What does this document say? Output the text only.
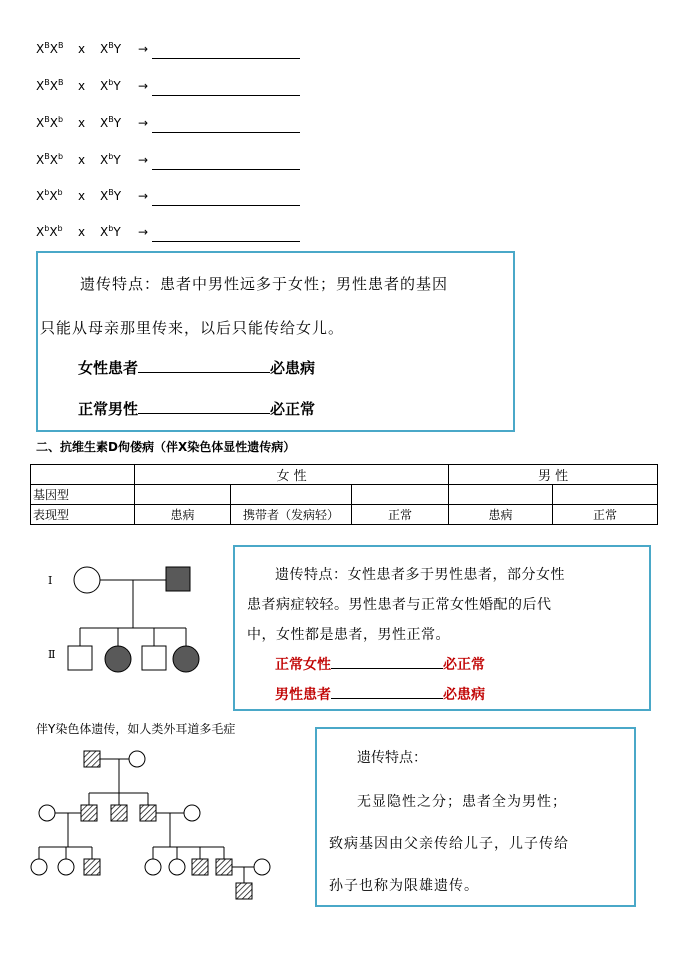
$X^BX^B$ x $X^BY$ →
$X^BX^B$ x $X^bY$ →
$X^BX^b$ x $X^BY$ →
$X^BX^b$ x $X^bY$ →
$X^bX^b$ x $X^BY$ →
$X^bX^b$ x $X^bY$ →
遗传特点：患者中男性远多于女性；男性患者的基因
只能从母亲那里传来，以后只能传给女儿。
女性患者	必患病
正常男性	必正常
二、抗维生素D佝偻病（伴X染色体显性遗传病）
	女 性			男 性	
基因型					
表现型	患病	携带者（发病轻）	正常	患病	正常
Ⅰ
Ⅱ
遗传特点：女性患者多于男性患者，部分女性
患者病症较轻。男性患者与正常女性婚配的后代
中，女性都是患者，男性正常。
正常女性	必正常
男性患者	必患病
伴Y染色体遗传，如人类外耳道多毛症
遗传特点：
无显隐性之分；患者全为男性；
致病基因由父亲传给儿子，儿子传给
孙子也称为限雄遗传。
